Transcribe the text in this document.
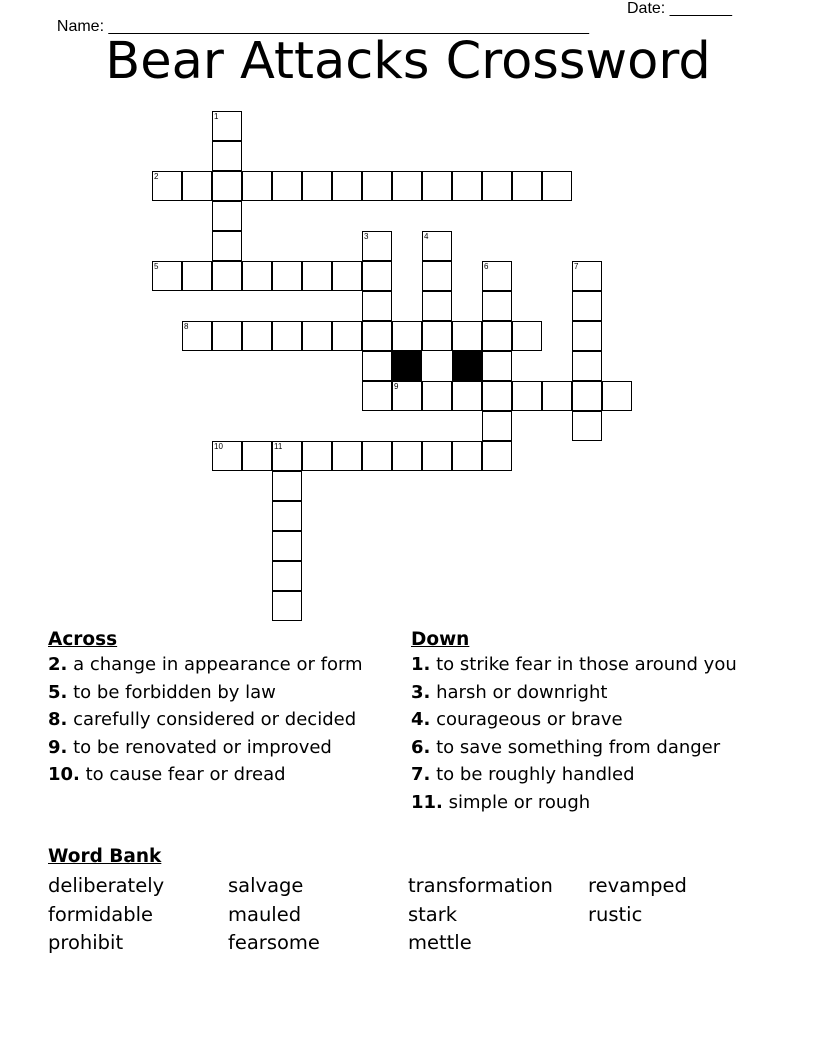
Name: ______________________________________________________

Date: _______

Bear Attacks Crossword
2
5
8
9
10	11
1
3	4
6	7
Across
2. a change in appearance or form
5. to be forbidden by law
8. carefully considered or decided
9. to be renovated or improved
10. to cause fear or dread
Down
1. to strike fear in those around you
3. harsh or downright
4. courageous or brave
6. to save something from danger
7. to be roughly handled
11. simple or rough
Word Bank
deliberately	salvage	transformation revamped
formidable	mauled	stark	rustic
prohibit	fearsome	mettle
